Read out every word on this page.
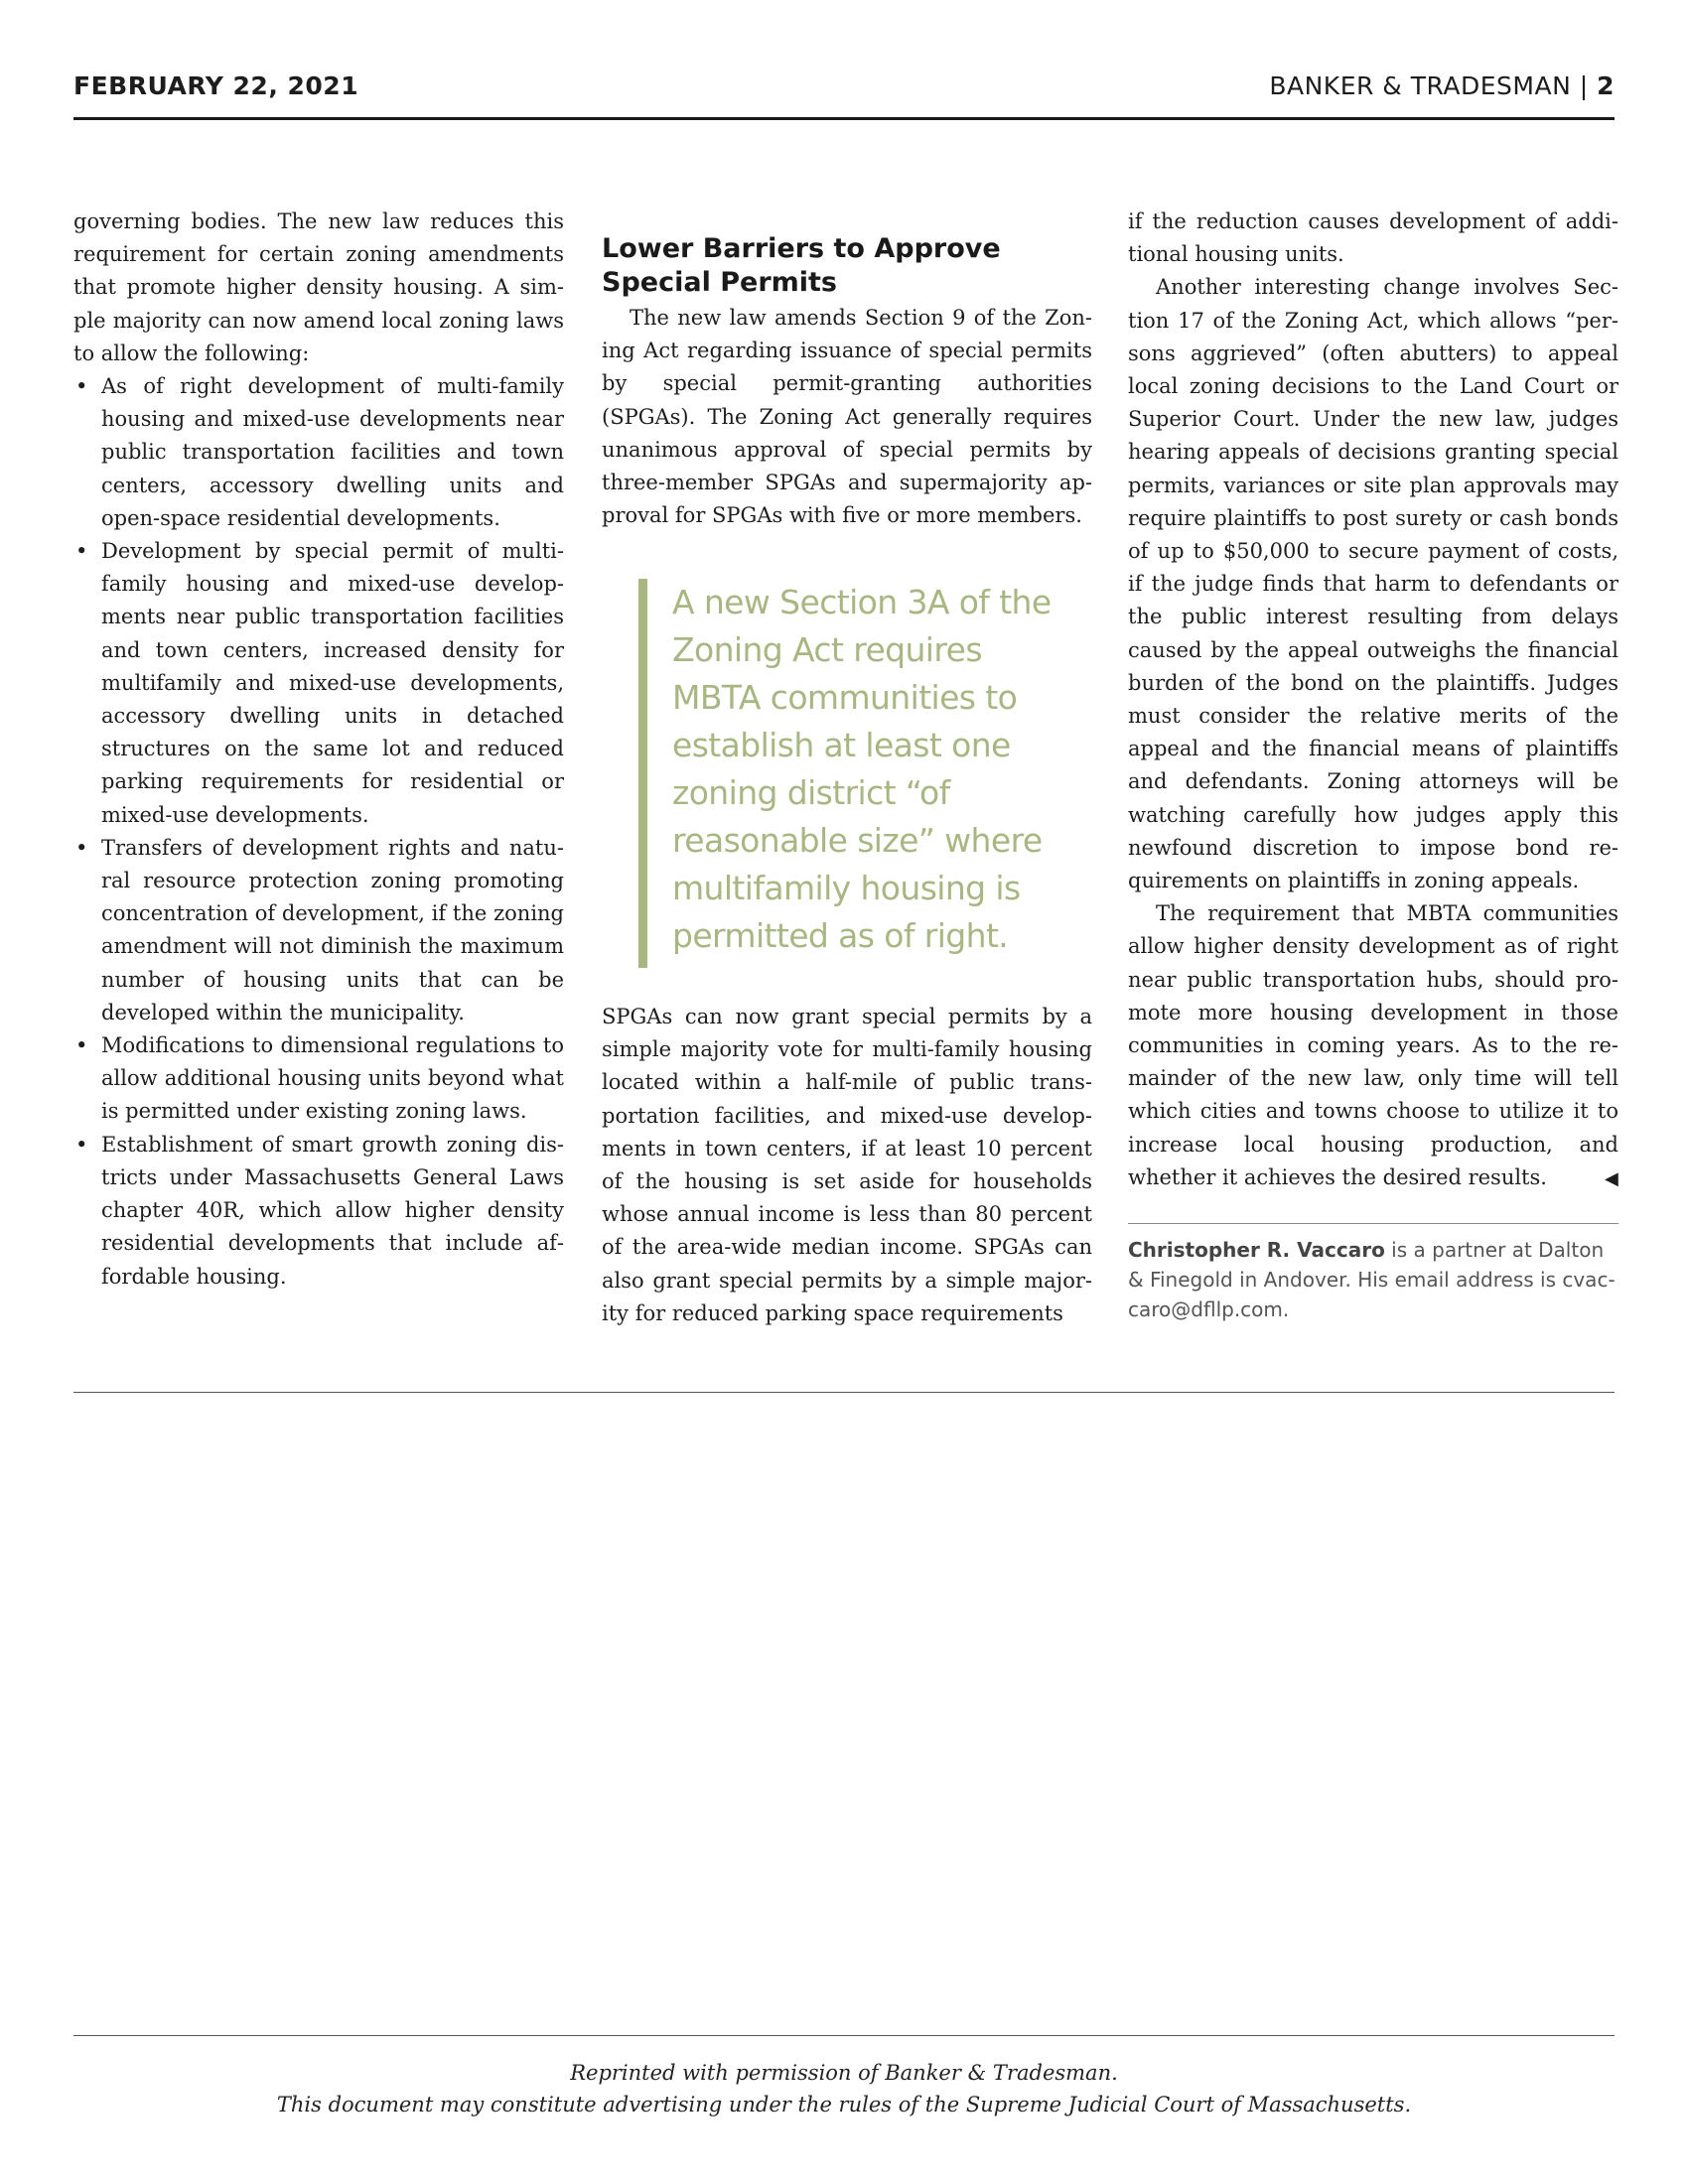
FEBRUARY 22, 2021	BANKER & TRADESMAN | 2

governing bodies. The new law reduces this requirement for certain zoning amendments that promote higher density housing. A simple majority can now amend local zoning laws to allow the following:

• As of right development of multi-family housing and mixed-use developments near public transportation facilities and town centers, accessory dwelling units and open-space residential developments.
• Development by special permit of multifamily housing and mixed-use developments near public transportation facilities and town centers, increased density for multifamily and mixed-use developments, accessory dwelling units in detached structures on the same lot and reduced parking requirements for residential or mixed-use developments.
• Transfers of development rights and natural resource protection zoning promoting concentration of development, if the zoning amendment will not diminish the maximum number of housing units that can be developed within the municipality.
• Modifications to dimensional regulations to allow additional housing units beyond what is permitted under existing zoning laws.
• Establishment of smart growth zoning districts under Massachusetts General Laws chapter 40R, which allow higher density residential developments that include affordable housing.
Lower Barriers to Approve Special Permits

The new law amends Section 9 of the Zoning Act regarding issuance of special permits by special permit-granting authorities (SPGAs). The Zoning Act generally requires unanimous approval of special permits by three-member SPGAs and supermajority approval for SPGAs with five or more members.

A new Section 3A of the Zoning Act requires MBTA communities to establish at least one zoning district “of reasonable size” where multifamily housing is permitted as of right.

SPGAs can now grant special permits by a simple majority vote for multi-family housing located within a half-mile of public transportation facilities, and mixed-use developments in town centers, if at least 10 percent of the housing is set aside for households whose annual income is less than 80 percent of the area-wide median income. SPGAs can also grant special permits by a simple majority for reduced parking space requirements

if the reduction causes development of additional housing units.

Another interesting change involves Section 17 of the Zoning Act, which allows “persons aggrieved” (often abutters) to appeal local zoning decisions to the Land Court or Superior Court. Under the new law, judges hearing appeals of decisions granting special permits, variances or site plan approvals may require plaintiffs to post surety or cash bonds of up to $50,000 to secure payment of costs, if the judge finds that harm to defendants or the public interest resulting from delays caused by the appeal outweighs the financial burden of the bond on the plaintiffs. Judges must consider the relative merits of the appeal and the financial means of plaintiffs and defendants. Zoning attorneys will be watching carefully how judges apply this newfound discretion to impose bond requirements on plaintiffs in zoning appeals.

The requirement that MBTA communities allow higher density development as of right near public transportation hubs, should promote more housing development in those communities in coming years. As to the remainder of the new law, only time will tell which cities and towns choose to utilize it to increase local housing production, and whether it achieves the desired results.	◀

Christopher R. Vaccaro is a partner at Dalton & Finegold in Andover. His email address is cvaccaro@dfllp.com.
Reprinted with permission of Banker & Tradesman.
This document may constitute advertising under the rules of the Supreme Judicial Court of Massachusetts.
